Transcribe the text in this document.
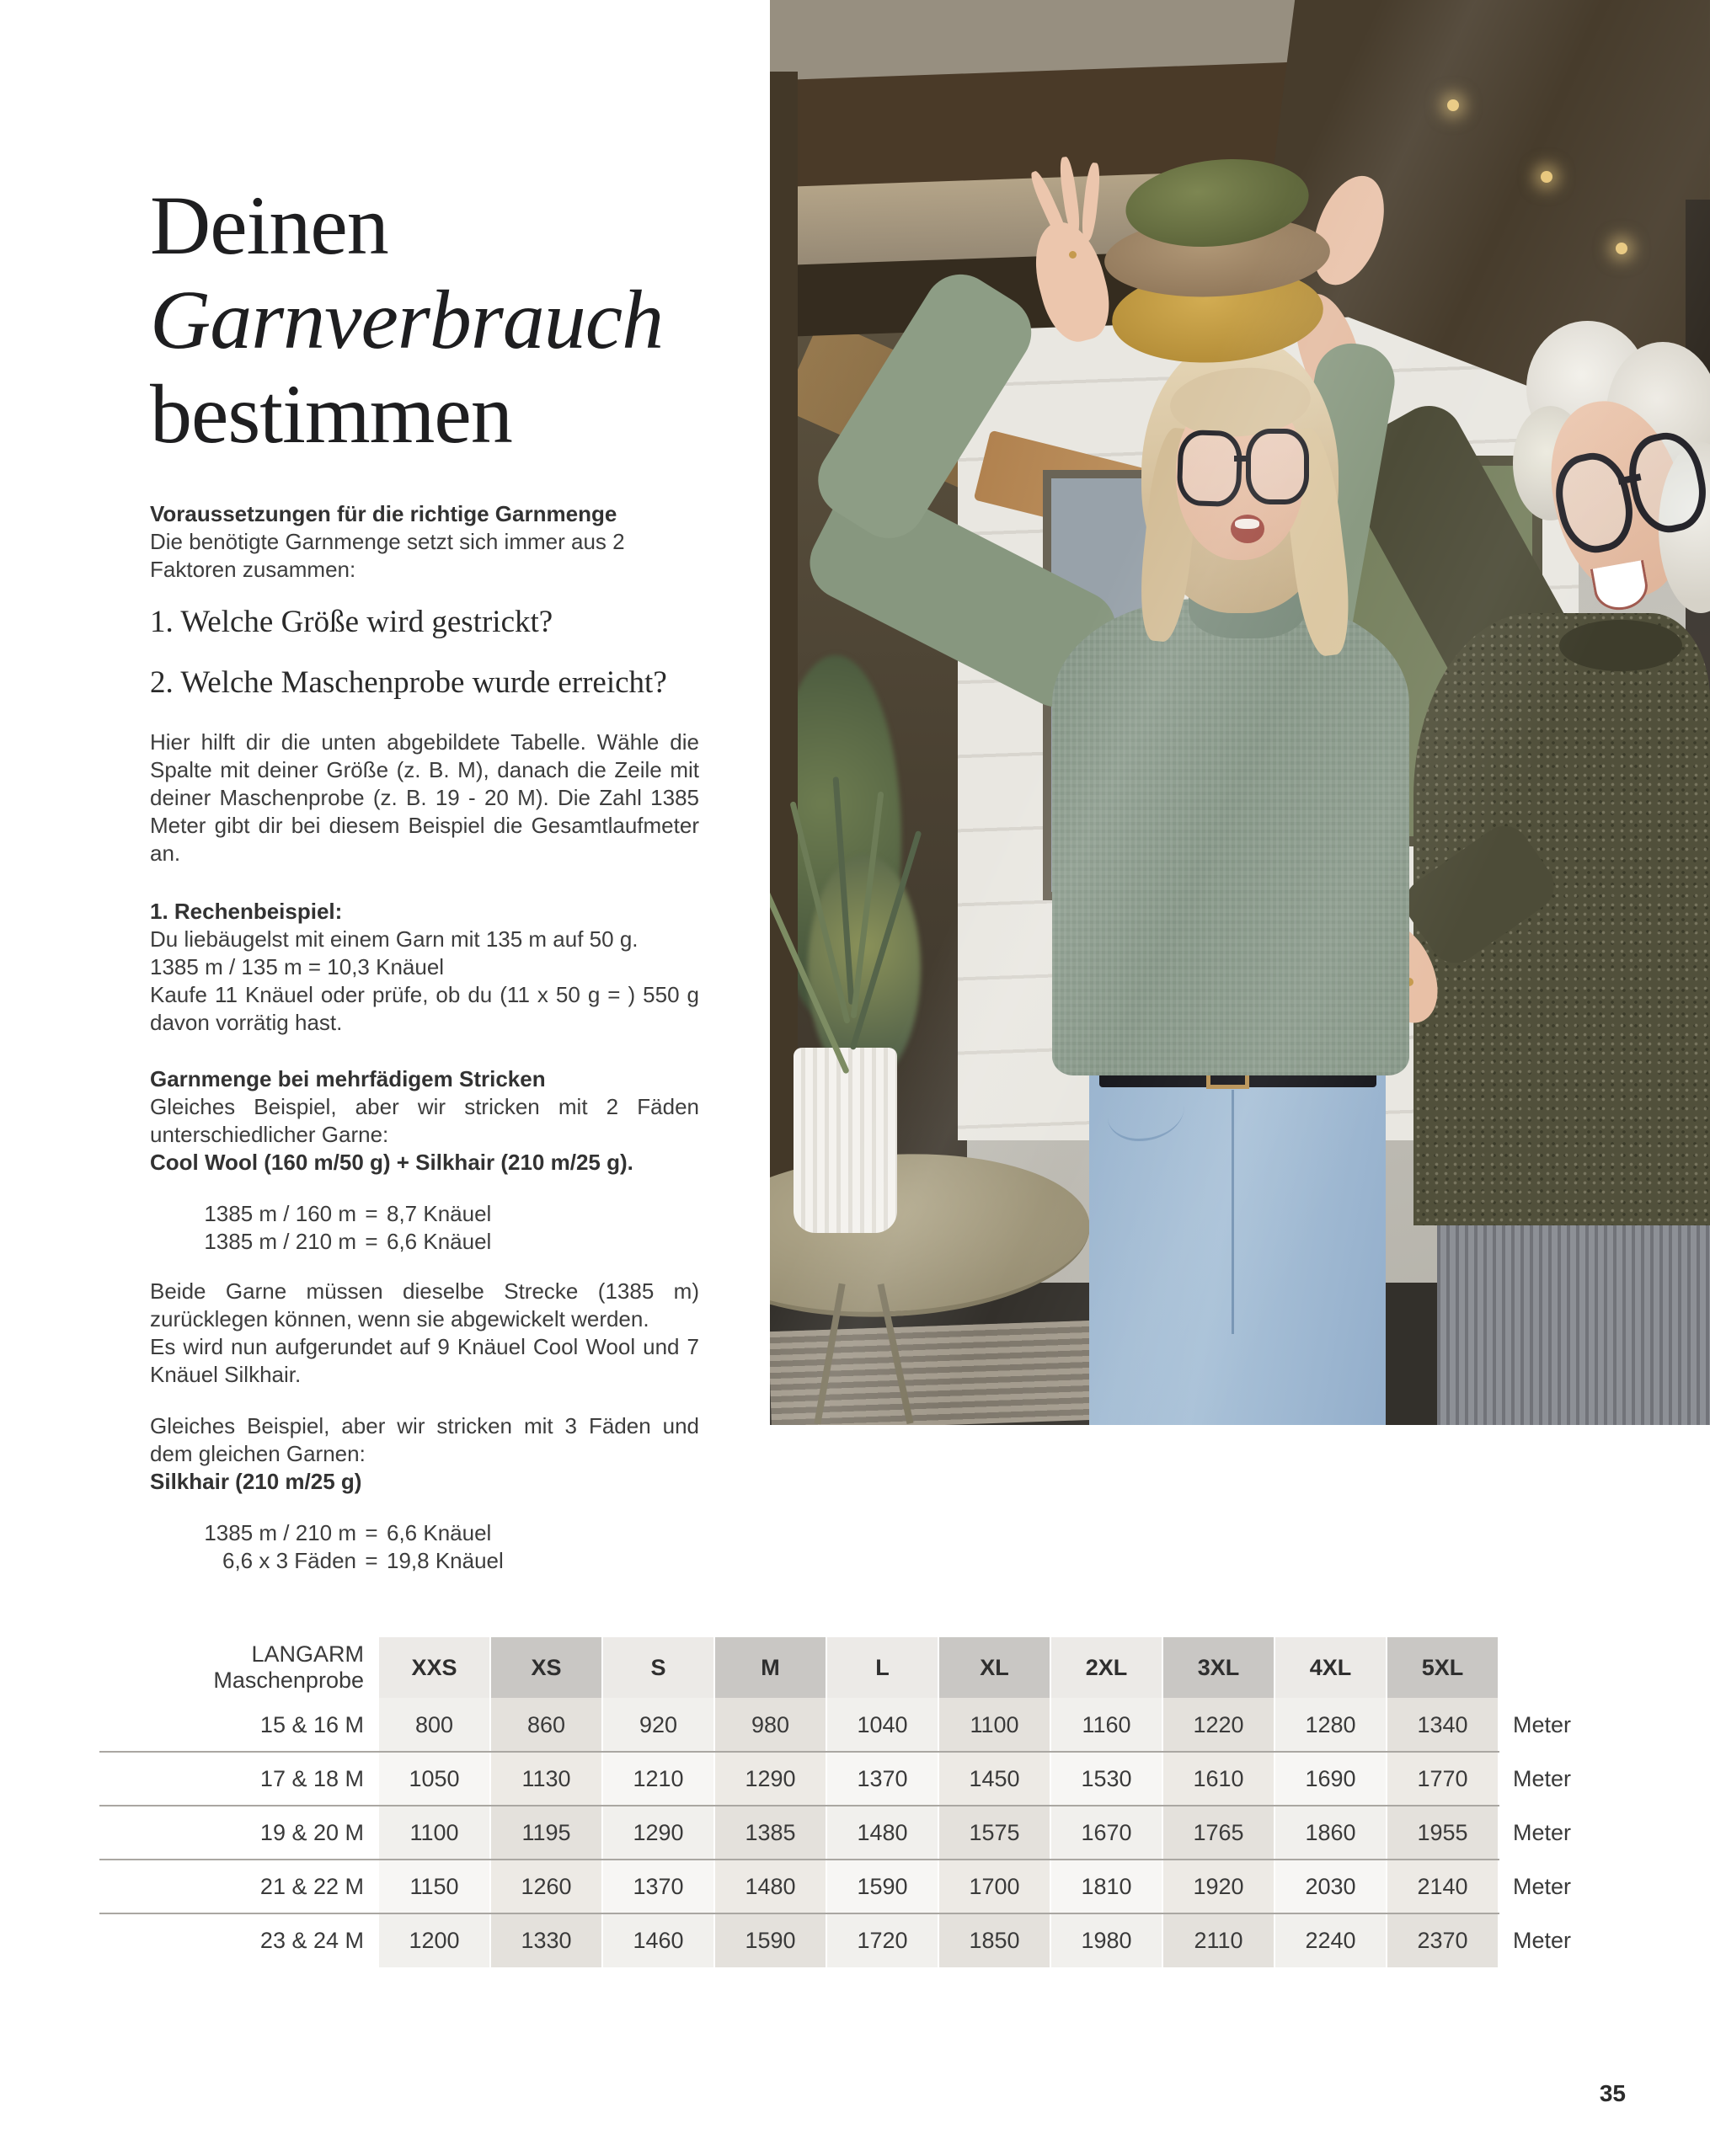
Deinen
Garnverbrauch
bestimmen

Voraussetzungen für die richtige Garnmenge

Die benötigte Garnmenge setzt sich immer aus 2 Faktoren zusammen:

1. Welche Größe wird gestrickt?

2. Welche Maschenprobe wurde erreicht?

Hier hilft dir die unten abgebildete Tabelle. Wähle die Spalte mit deiner Größe (z. B. M), danach die Zeile mit deiner Maschenprobe (z. B. 19 - 20 M). Die Zahl 1385 Meter gibt dir bei diesem Beispiel die Gesamtlaufmeter an.

1. Rechenbeispiel:

Du liebäugelst mit einem Garn mit 135 m auf 50 g.

1385 m / 135 m = 10,3 Knäuel

Kaufe 11 Knäuel oder prüfe, ob du (11 x 50 g = ) 550 g davon vorrätig hast.

Garnmenge bei mehrfädigem Stricken

Gleiches Beispiel, aber wir stricken mit 2 Fäden unterschiedlicher Garne:

Cool Wool (160 m/50 g) + Silkhair (210 m/25 g).

1385 m / 160 m = 8,7 Knäuel
1385 m / 210 m = 6,6 Knäuel

Beide Garne müssen dieselbe Strecke (1385 m) zurücklegen können, wenn sie abgewickelt werden.

Es wird nun aufgerundet auf 9 Knäuel Cool Wool und 7 Knäuel Silkhair.

Gleiches Beispiel, aber wir stricken mit 3 Fäden und dem gleichen Garnen:

Silkhair (210 m/25 g)

1385 m / 210 m = 6,6 Knäuel
6,6 x 3 Fäden = 19,8 Knäuel
LANGARM
Maschenprobe
XXS	XS	S	M	L	XL	2XL	3XL	4XL	5XL
15 & 16 M	800	860	920	980	1040	1100	1160	1220	1280	1340	Meter
17 & 18 M	1050	1130	1210	1290	1370	1450	1530	1610	1690	1770	Meter
19 & 20 M	1100	1195	1290	1385	1480	1575	1670	1765	1860	1955	Meter
21 & 22 M	1150	1260	1370	1480	1590	1700	1810	1920	2030	2140	Meter
23 & 24 M	1200	1330	1460	1590	1720	1850	1980	2110	2240	2370	Meter
35
